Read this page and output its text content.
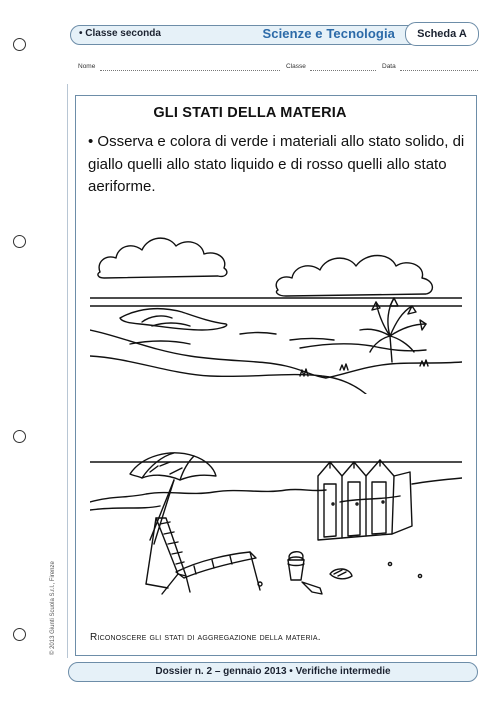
• Classe seconda	Scienze e Tecnologia	Scheda A
Nome	Classe	Data
GLI STATI DELLA MATERIA
• Osserva e colora di verde i materiali allo stato solido, di giallo quelli allo stato liquido e di rosso quelli allo stato aeriforme.
Riconoscere gli stati di aggregazione della materia.
© 2013 Giunti Scuola S.r.l., Firenze
Dossier n. 2 – gennaio 2013 • Verifiche intermedie
